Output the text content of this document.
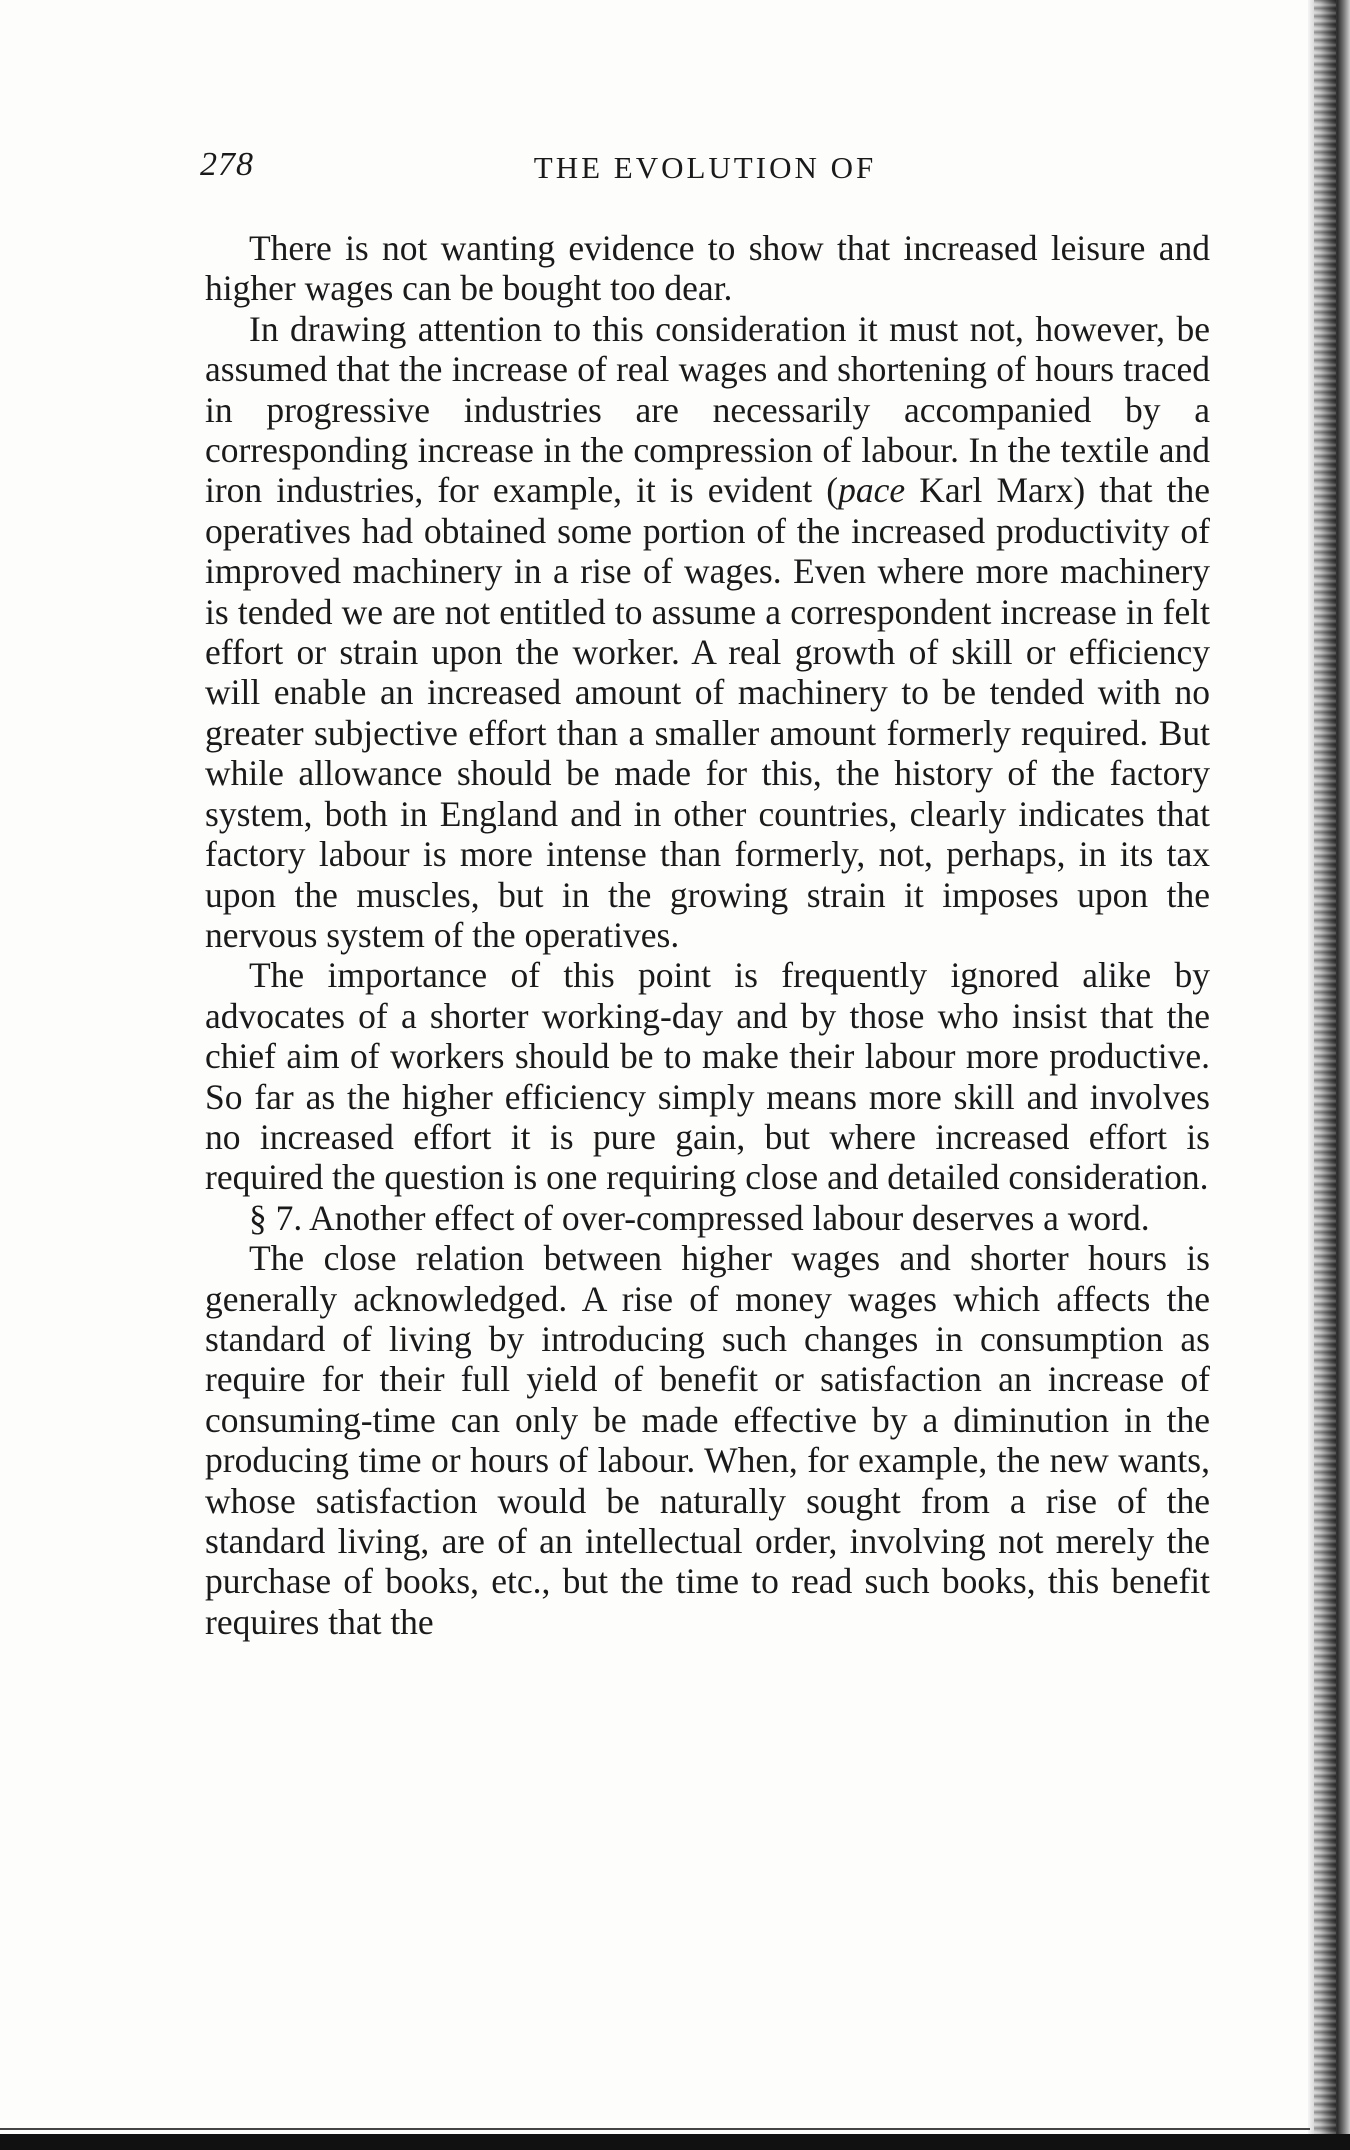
278	THE EVOLUTION OF

There is not wanting evidence to show that increased leisure and higher wages can be bought too dear.

In drawing attention to this consideration it must not, however, be assumed that the increase of real wages and shortening of hours traced in progressive industries are necessarily accompanied by a corresponding increase in the compression of labour. In the textile and iron industries, for example, it is evident (pace Karl Marx) that the operatives had obtained some portion of the increased productivity of improved machinery in a rise of wages. Even where more machinery is tended we are not entitled to assume a correspondent increase in felt effort or strain upon the worker. A real growth of skill or efficiency will enable an increased amount of machinery to be tended with no greater subjective effort than a smaller amount formerly required. But while allowance should be made for this, the history of the factory system, both in England and in other countries, clearly indicates that factory labour is more intense than formerly, not, perhaps, in its tax upon the muscles, but in the growing strain it imposes upon the nervous system of the operatives.

The importance of this point is frequently ignored alike by advocates of a shorter working-day and by those who insist that the chief aim of workers should be to make their labour more productive. So far as the higher efficiency simply means more skill and involves no increased effort it is pure gain, but where increased effort is required the question is one requiring close and detailed consideration.

§ 7. Another effect of over-compressed labour deserves a word.

The close relation between higher wages and shorter hours is generally acknowledged. A rise of money wages which affects the standard of living by introducing such changes in consumption as require for their full yield of benefit or satisfaction an increase of consuming-time can only be made effective by a diminution in the producing time or hours of labour. When, for example, the new wants, whose satisfaction would be naturally sought from a rise of the standard living, are of an intellectual order, involving not merely the purchase of books, etc., but the time to read such books, this benefit requires that the
